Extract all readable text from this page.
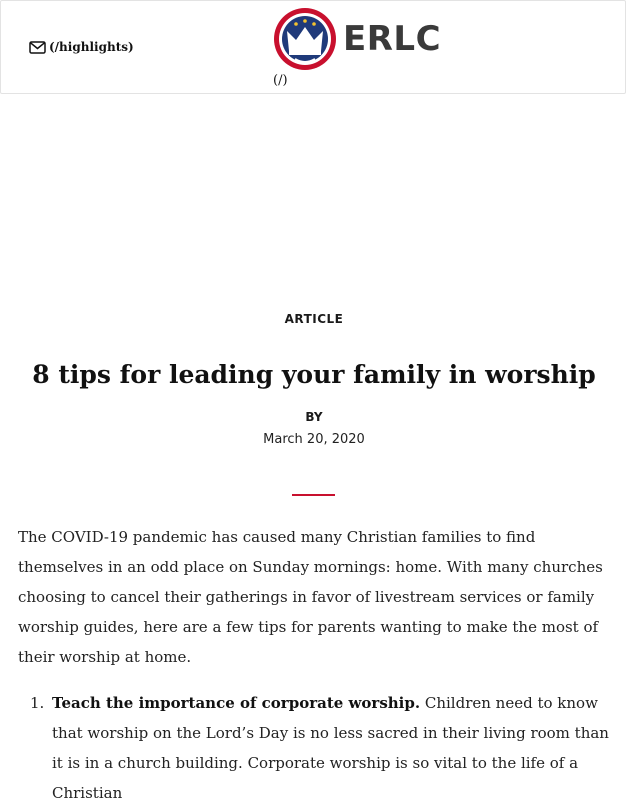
(/highlights)	ERLC
(/)
ARTICLE
8 tips for leading your family in worship
BY
March 20, 2020

The COVID-19 pandemic has caused many Christian families to find themselves in an odd place on Sunday mornings: home. With many churches choosing to cancel their gatherings in favor of livestream services or family worship guides, here are a few tips for parents wanting to make the most of their worship at home.

1. Teach the importance of corporate worship. Children need to know that worship on the Lord’s Day is no less sacred in their living room than it is in a church building. Corporate worship is so vital to the life of a Christian
